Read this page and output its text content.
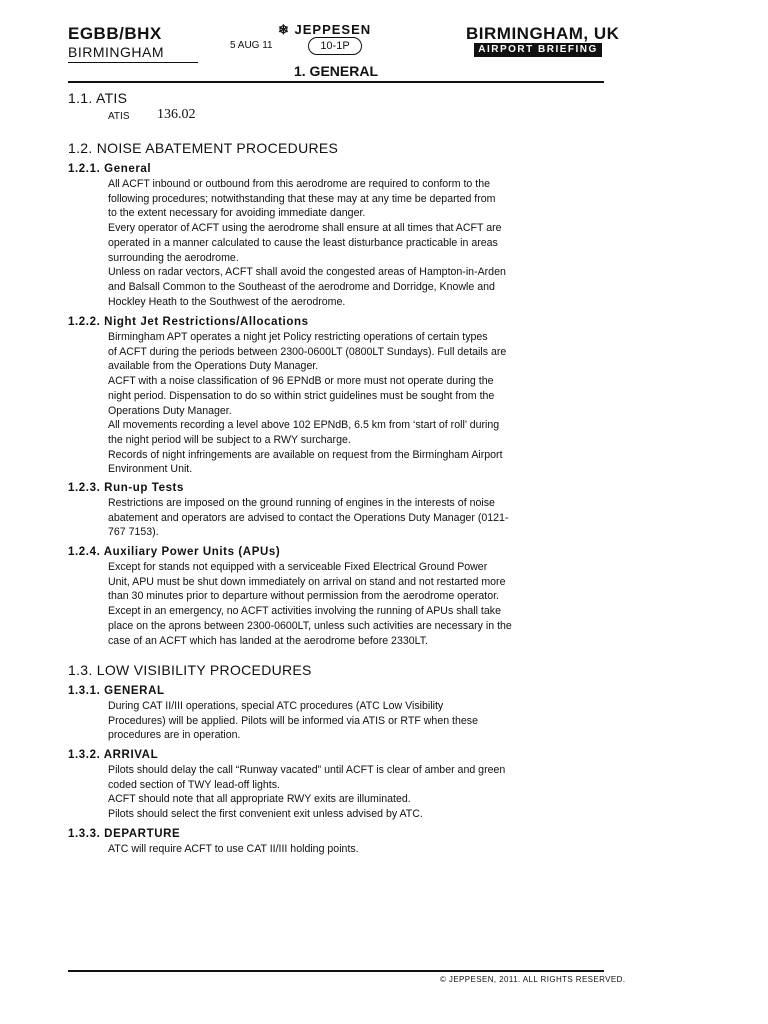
EGBB/BHX
BIRMINGHAM	5 AUG 11
❄ JEPPESEN
10-1P
BIRMINGHAM, UK
AIRPORT BRIEFING
1. GENERAL
1.1. ATIS
ATIS 136.02
1.2. NOISE ABATEMENT PROCEDURES
1.2.1. General
All ACFT inbound or outbound from this aerodrome are required to conform to the
following procedures; notwithstanding that these may at any time be departed from
to the extent necessary for avoiding immediate danger.
Every operator of ACFT using the aerodrome shall ensure at all times that ACFT are
operated in a manner calculated to cause the least disturbance practicable in areas
surrounding the aerodrome.
Unless on radar vectors, ACFT shall avoid the congested areas of Hampton-in-Arden
and Balsall Common to the Southeast of the aerodrome and Dorridge, Knowle and
Hockley Heath to the Southwest of the aerodrome.
1.2.2. Night Jet Restrictions/Allocations
Birmingham APT operates a night jet Policy restricting operations of certain types
of ACFT during the periods between 2300-0600LT (0800LT Sundays). Full details are
available from the Operations Duty Manager.
ACFT with a noise classification of 96 EPNdB or more must not operate during the
night period. Dispensation to do so within strict guidelines must be sought from the
Operations Duty Manager.
All movements recording a level above 102 EPNdB, 6.5 km from ‘start of roll’ during
the night period will be subject to a RWY surcharge.
Records of night infringements are available on request from the Birmingham Airport
Environment Unit.
1.2.3. Run-up Tests
Restrictions are imposed on the ground running of engines in the interests of noise
abatement and operators are advised to contact the Operations Duty Manager (0121-
767 7153).
1.2.4. Auxiliary Power Units (APUs)
Except for stands not equipped with a serviceable Fixed Electrical Ground Power
Unit, APU must be shut down immediately on arrival on stand and not restarted more
than 30 minutes prior to departure without permission from the aerodrome operator.
Except in an emergency, no ACFT activities involving the running of APUs shall take
place on the aprons between 2300-0600LT, unless such activities are necessary in the
case of an ACFT which has landed at the aerodrome before 2330LT.
1.3. LOW VISIBILITY PROCEDURES
1.3.1. GENERAL
During CAT II/III operations, special ATC procedures (ATC Low Visibility
Procedures) will be applied. Pilots will be informed via ATIS or RTF when these
procedures are in operation.
1.3.2. ARRIVAL
Pilots should delay the call “Runway vacated” until ACFT is clear of amber and green
coded section of TWY lead-off lights.
ACFT should note that all appropriate RWY exits are illuminated.
Pilots should select the first convenient exit unless advised by ATC.
1.3.3. DEPARTURE
ATC will require ACFT to use CAT II/III holding points.
© JEPPESEN, 2011. ALL RIGHTS RESERVED.
